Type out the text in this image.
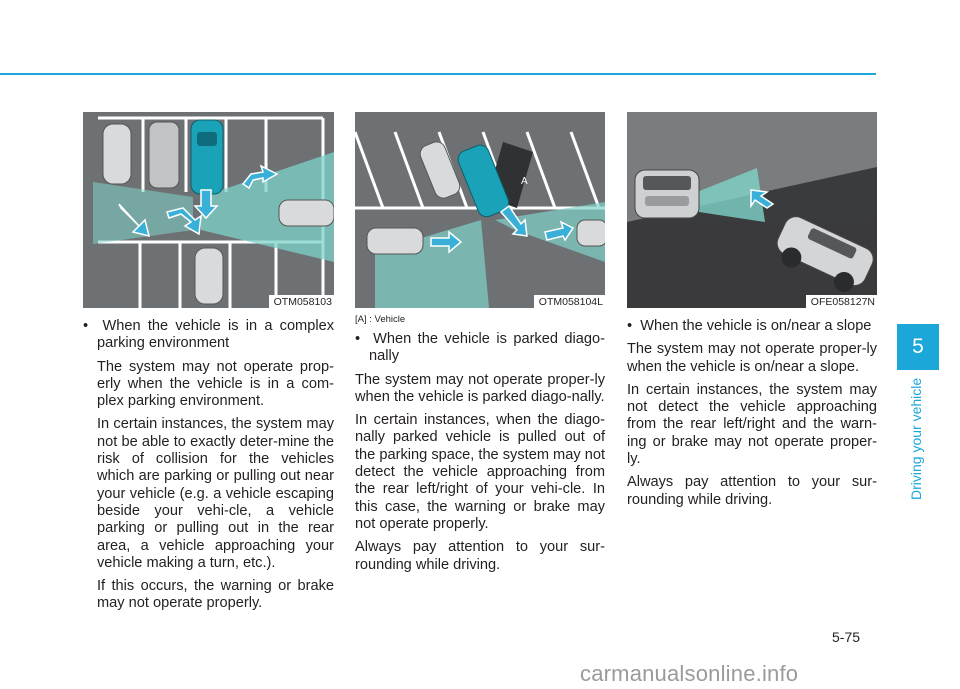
OTM058103

•  When the vehicle is in a complex parking environment

The system may not operate prop-erly when the vehicle is in a com-plex parking environment.

In certain instances, the system may not be able to exactly deter-mine the risk of collision for the vehicles which are parking or pulling out near your vehicle (e.g. a vehicle escaping beside your vehi-cle, a vehicle parking or pulling out in the rear area, a vehicle approaching your vehicle making a turn, etc.).

If this occurs, the warning or brake may not operate properly.

A
OTM058104L

[A] : Vehicle

•  When the vehicle is parked diago-nally

The system may not operate proper-ly when the vehicle is parked diago-nally.

In certain instances, when the diago-nally parked vehicle is pulled out of the parking space, the system may not detect the vehicle approaching from the rear left/right of your vehi-cle. In this case, the warning or brake may not operate properly.

Always pay attention to your sur-rounding while driving.

OFE058127N

•  When the vehicle is on/near a slope

The system may not operate proper-ly when the vehicle is on/near a slope.

In certain instances, the system may not detect the vehicle approaching from the rear left/right and the warn-ing or brake may not operate proper-ly.

Always pay attention to your sur-rounding while driving.

5
Driving your vehicle
5-75
carmanualsonline.info
